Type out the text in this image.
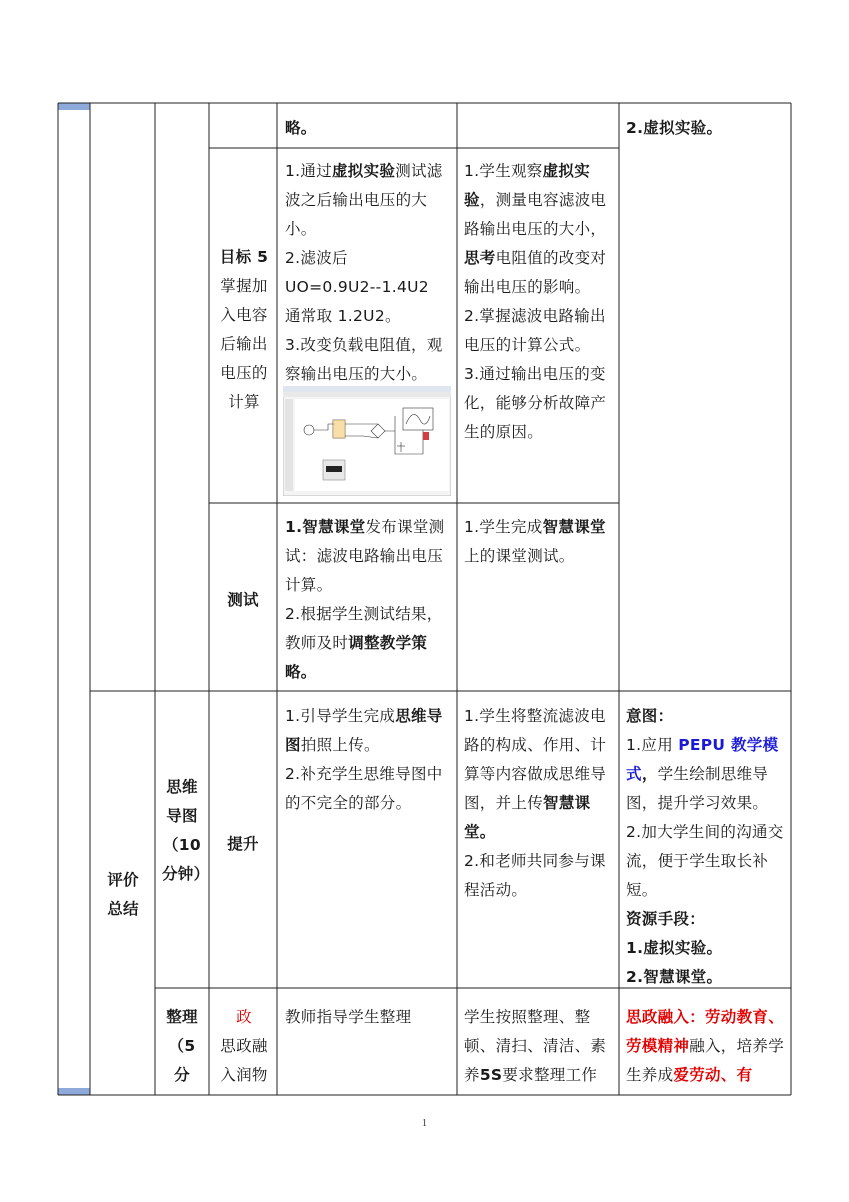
略。	2.虚拟实验。
目标 5
掌握加入电容后输出电压的计算
1.通过虚拟实验测试滤波之后输出电压的大小。
2.滤波后
UO=0.9U2--1.4U2
通常取 1.2U2。
3.改变负载电阻值，观察输出电压的大小。
1.学生观察虚拟实验，测量电容滤波电路输出电压的大小，
思考电阻值的改变对输出电压的影响。
2.掌握滤波电路输出电压的计算公式。
3.通过输出电压的变化，能够分析故障产生的原因。
测试
1.智慧课堂发布课堂测试：滤波电路输出电压计算。
2.根据学生测试结果，教师及时调整教学策略。
1.学生完成智慧课堂上的课堂测试。
评价总结
思维导图（10分钟）
提升
1.引导学生完成思维导图拍照上传。
2.补充学生思维导图中的不完全的部分。
1.学生将整流滤波电路的构成、作用、计算等内容做成思维导图，并上传智慧课堂。
2.和老师共同参与课程活动。
意图：
1.应用 PEPU 教学模式，学生绘制思维导图，提升学习效果。
2.加大学生间的沟通交流，便于学生取长补短。
资源手段：
1.虚拟实验。
2.智慧课堂。
整理（5分
政
思政融入润物
教师指导学生整理	学生按照整理、整顿、清扫、清洁、素养5S要求整理工作
思政融入：劳动教育、劳模精神融入，培养学生养成爱劳动、有
1
